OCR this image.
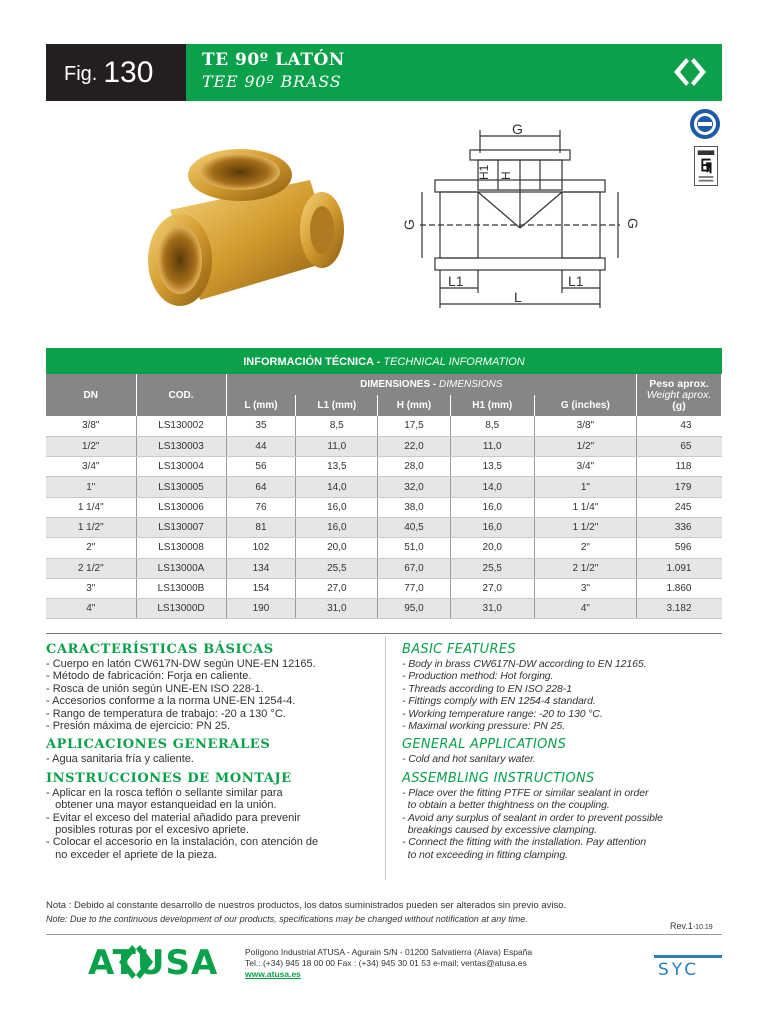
Fig. 130	TE 90º LATÓN
TEE 90º BRASS
G
H1 H
G	G
L1	L1
L
INFORMACIÓN TÉCNICA - TECHNICAL INFORMATION
DN	COD.	DIMENSIONES - DIMENSIONS					Peso aprox.
Weight aprox.
(g)

		L (mm)	L1 (mm)	H (mm)	H1 (mm)	G (inches)	
3/8"	LS130002	35	8,5	17,5	8,5	3/8"	43
1/2"	LS130003	44	11,0	22,0	11,0	1/2"	65
3/4"	LS130004	56	13,5	28,0	13,5	3/4"	118
1"	LS130005	64	14,0	32,0	14,0	1"	179
1 1/4"	LS130006	76	16,0	38,0	16,0	1 1/4"	245
1 1/2"	LS130007	81	16,0	40,5	16,0	1 1/2"	336
2"	LS130008	102	20,0	51,0	20,0	2"	596
2 1/2"	LS13000A	134	25,5	67,0	25,5	2 1/2"	1.091
3"	LS13000B	154	27,0	77,0	27,0	3"	1.860
4"	LS13000D	190	31,0	95,0	31,0	4"	3.182
CARACTERÍSTICAS BÁSICAS
- Cuerpo en latón CW617N-DW según UNE-EN 12165.
- Método de fabricación: Forja en caliente.
- Rosca de unión según UNE-EN ISO 228-1.
- Accesorios conforme a la norma UNE-EN 1254-4.
- Rango de temperatura de trabajo: -20 a 130 °C.
- Presión máxima de ejercicio: PN 25.
APLICACIONES GENERALES
- Agua sanitaria fría y caliente.
INSTRUCCIONES DE MONTAJE
- Aplicar en la rosca teflón o sellante similar para
obtener una mayor estanqueidad en la unión.
- Evitar el exceso del material añadido para prevenir
posibles roturas por el excesivo apriete.
- Colocar el accesorio en la instalación, con atención de
no exceder el apriete de la pieza.
BASIC FEATURES
- Body in brass CW617N-DW according to EN 12165.
- Production method: Hot forging.
- Threads according to EN ISO 228-1
- Fittings comply with EN 1254-4 standard.
- Working temperature range: -20 to 130 °C.
- Maximal working pressure: PN 25.
GENERAL APPLICATIONS
- Cold and hot sanitary water.
ASSEMBLING INSTRUCTIONS
- Place over the fitting PTFE or similar sealant in order
to obtain a better thightness on the coupling.
- Avoid any surplus of sealant in order to prevent possible
breakings caused by excessive clamping.
- Connect the fitting with the installation. Pay attention
to not exceeding in fitting clamping.
Nota : Debido al constante desarrollo de nuestros productos, los datos suministrados pueden ser alterados sin previo aviso.
Note: Due to the continuous development of our products, specifications may be changed without notification at any time.
Rev.1-10.19
ATUSA	Polígono Industrial ATUSA - Agurain S/N - 01200 Salvatierra (Alava) España
Tel.: (+34) 945 18 00 00 Fax : (+34) 945 30 01 53 e-mail: ventas@atusa.es
www.atusa.es	SYC
